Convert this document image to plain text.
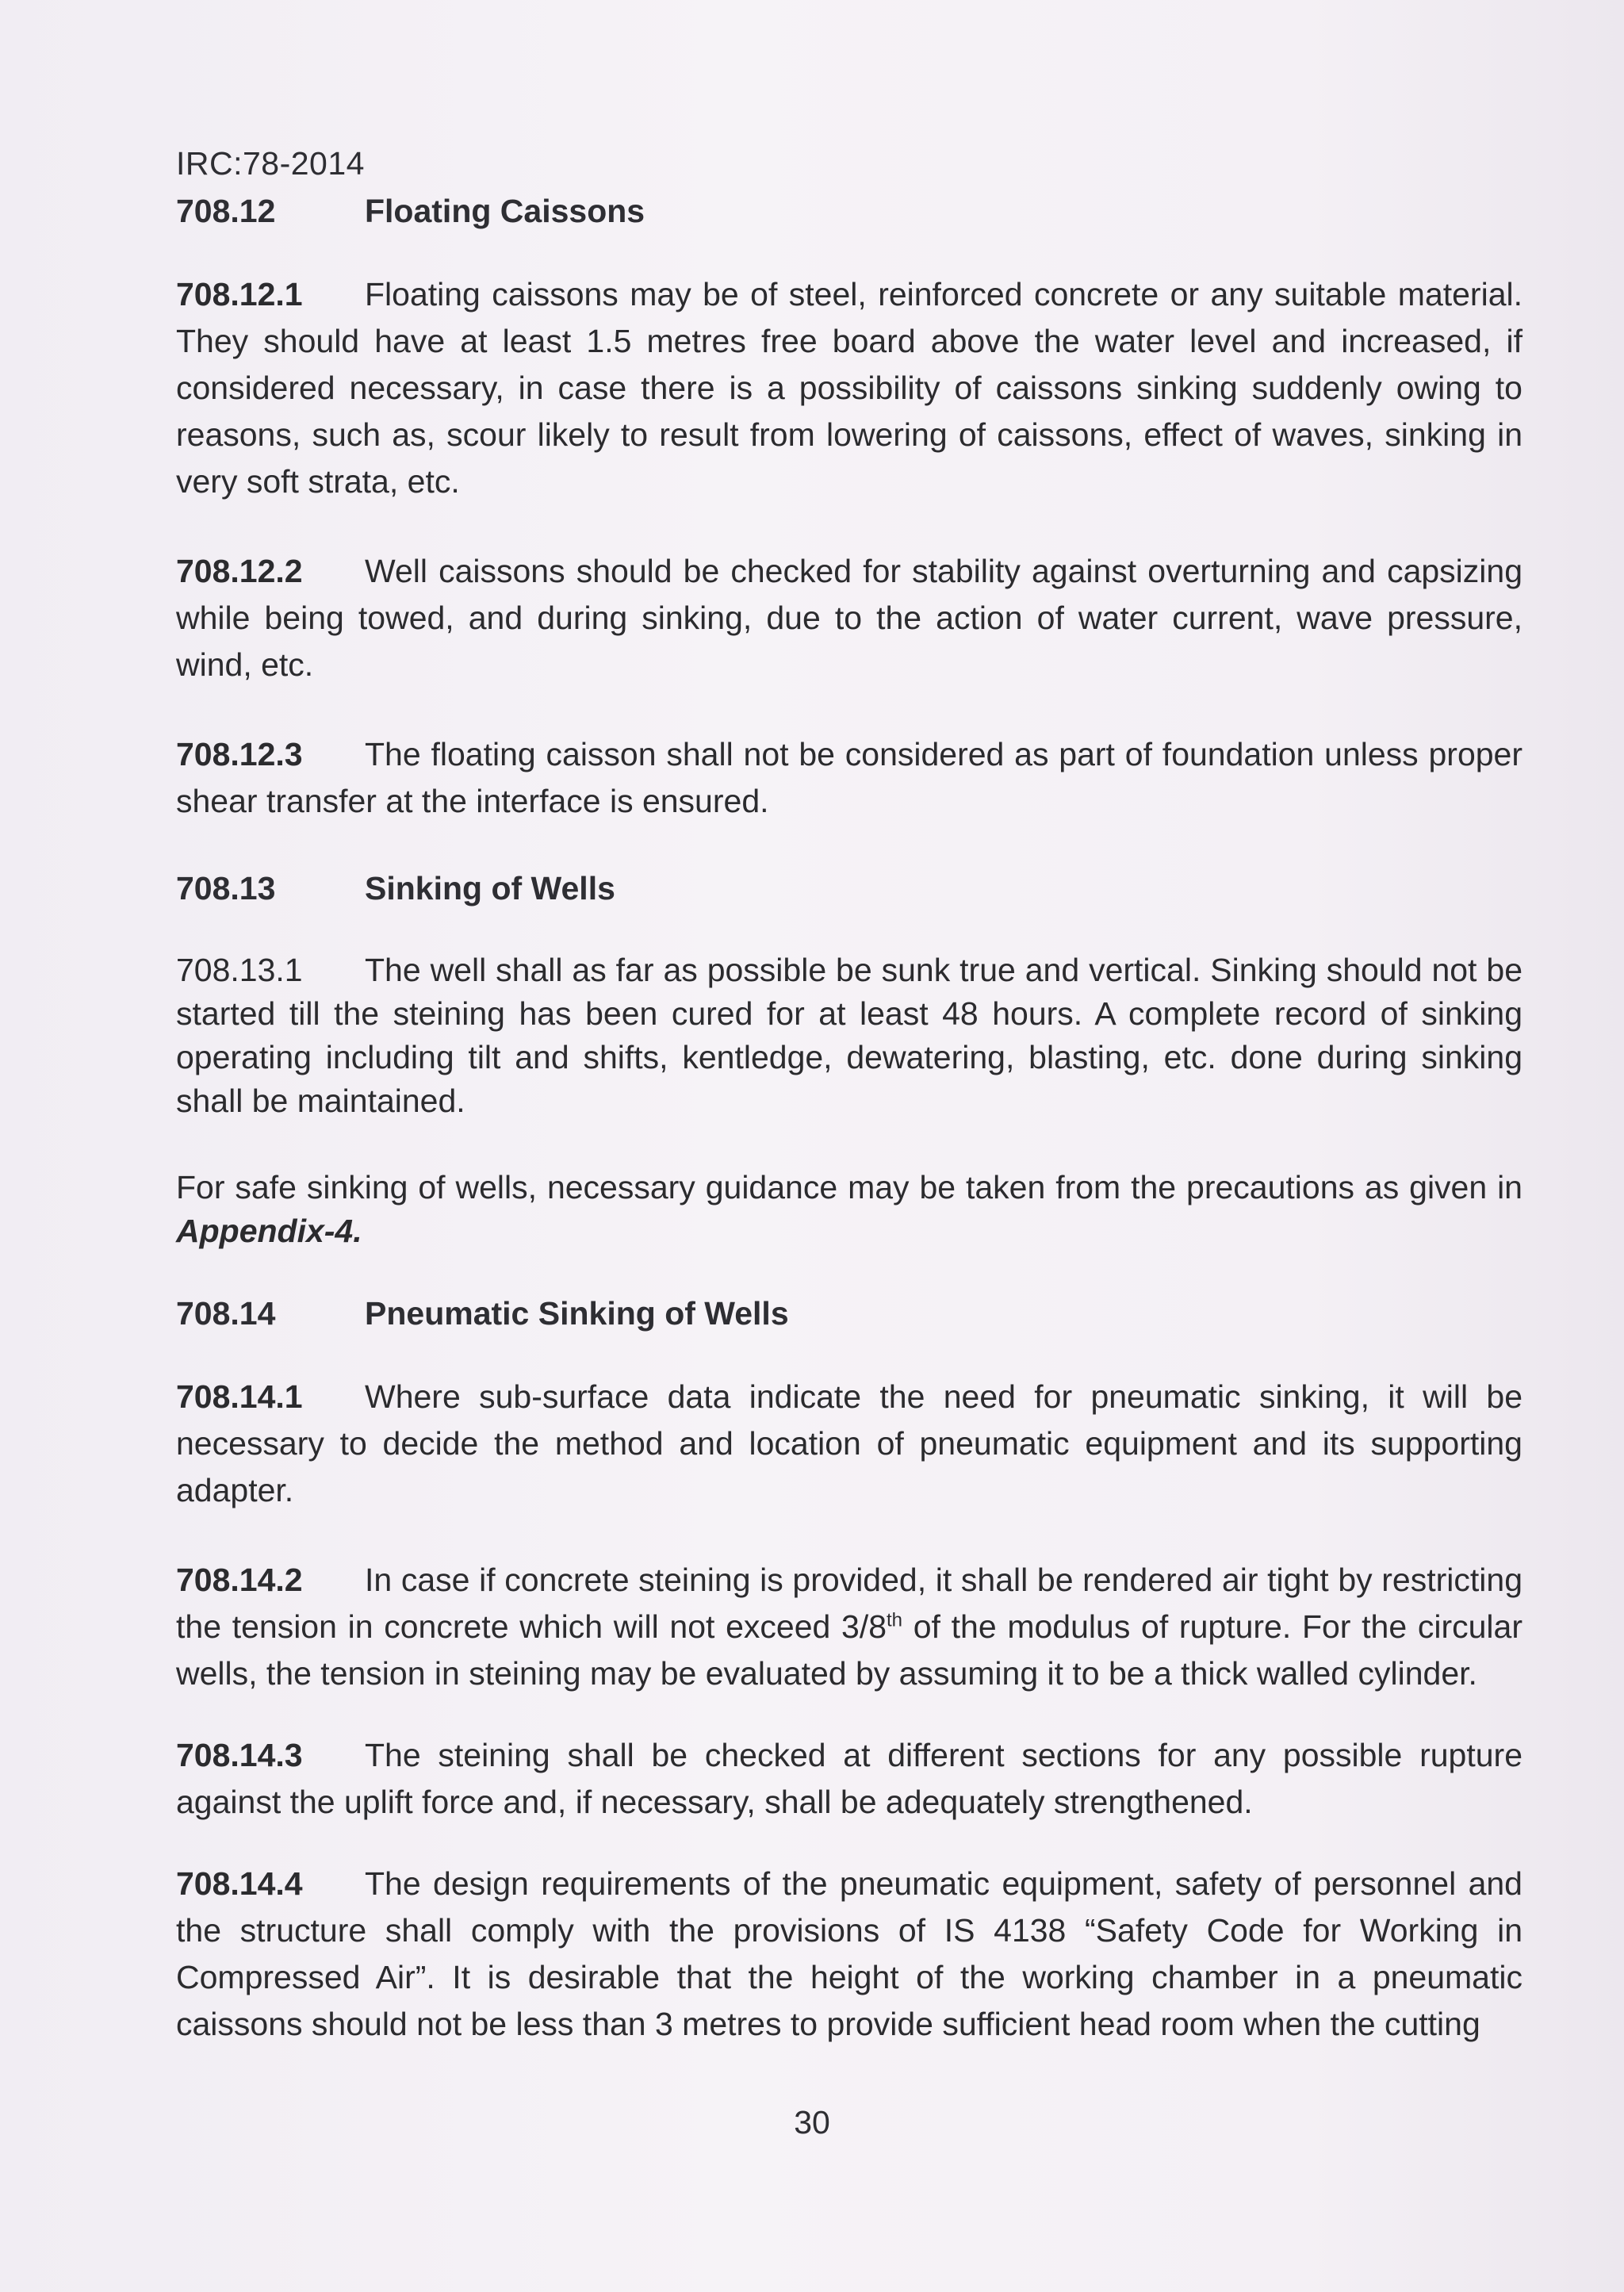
IRC:78-2014
708.12	Floating Caissons

708.12.1 Floating caissons may be of steel, reinforced concrete or any suitable material. They should have at least 1.5 metres free board above the water level and increased, if considered necessary, in case there is a possibility of caissons sinking suddenly owing to reasons, such as, scour likely to result from lowering of caissons, effect of waves, sinking in very soft strata, etc.

708.12.2 Well caissons should be checked for stability against overturning and capsizing while being towed, and during sinking, due to the action of water current, wave pressure, wind, etc.

708.12.3 The floating caisson shall not be considered as part of foundation unless proper shear transfer at the interface is ensured.

708.13	Sinking of Wells

708.13.1 The well shall as far as possible be sunk true and vertical. Sinking should not be started till the steining has been cured for at least 48 hours. A complete record of sinking operating including tilt and shifts, kentledge, dewatering, blasting, etc. done during sinking shall be maintained.

For safe sinking of wells, necessary guidance may be taken from the precautions as given in Appendix-4.

708.14	Pneumatic Sinking of Wells

708.14.1 Where sub-surface data indicate the need for pneumatic sinking, it will be necessary to decide the method and location of pneumatic equipment and its supporting adapter.

708.14.2 In case if concrete steining is provided, it shall be rendered air tight by restricting the tension in concrete which will not exceed 3/8th of the modulus of rupture. For the circular wells, the tension in steining may be evaluated by assuming it to be a thick walled cylinder.

708.14.3 The steining shall be checked at different sections for any possible rupture against the uplift force and, if necessary, shall be adequately strengthened.

708.14.4 The design requirements of the pneumatic equipment, safety of personnel and the structure shall comply with the provisions of IS 4138 “Safety Code for Working in Compressed Air”. It is desirable that the height of the working chamber in a pneumatic caissons should not be less than 3 metres to provide sufficient head room when the cutting

30
